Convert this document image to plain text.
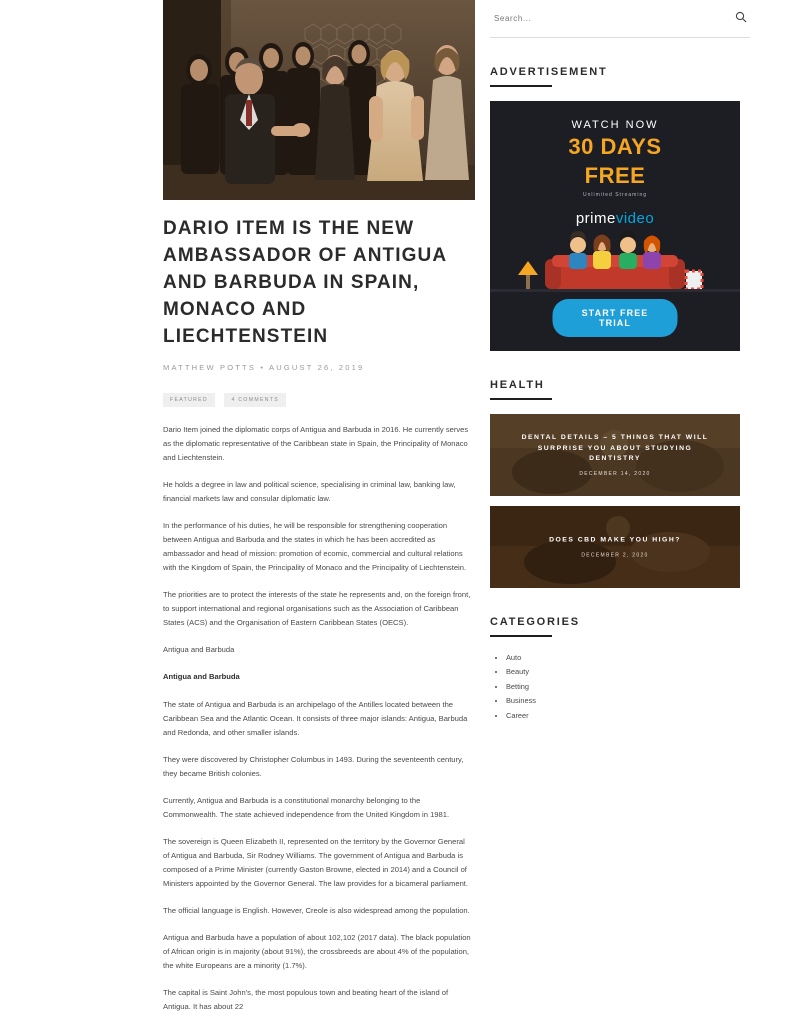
DARIO ITEM IS THE NEW AMBASSADOR OF ANTIGUA AND BARBUDA IN SPAIN, MONACO AND LIECHTENSTEIN
MATTHEW POTTS • AUGUST 26, 2019
FEATURED	4 COMMENTS

Dario Item joined the diplomatic corps of Antigua and Barbuda in 2016. He currently serves as the diplomatic representative of the Caribbean state in Spain, the Principality of Monaco and Liechtenstein.

He holds a degree in law and political science, specialising in criminal law, banking law, financial markets law and consular diplomatic law.

In the performance of his duties, he will be responsible for strengthening cooperation between Antigua and Barbuda and the states in which he has been accredited as ambassador and head of mission: promotion of ecomic, commercial and cultural relations with the Kingdom of Spain, the Principality of Monaco and the Principality of Liechtenstein.

The priorities are to protect the interests of the state he represents and, on the foreign front, to support international and regional organisations such as the Association of Caribbean States (ACS) and the Organisation of Eastern Caribbean States (OECS).

Antigua and Barbuda

Antigua and Barbuda

The state of Antigua and Barbuda is an archipelago of the Antilles located between the Caribbean Sea and the Atlantic Ocean. It consists of three major islands: Antigua, Barbuda and Redonda, and other smaller islands.

They were discovered by Christopher Columbus in 1493. During the seventeenth century, they became British colonies.

Currently, Antigua and Barbuda is a constitutional monarchy belonging to the Commonwealth. The state achieved independence from the United Kingdom in 1981.

The sovereign is Queen Elizabeth II, represented on the territory by the Governor General of Antigua and Barbuda, Sir Rodney Williams. The government of Antigua and Barbuda is composed of a Prime Minister (currently Gaston Browne, elected in 2014) and a Council of Ministers appointed by the Governor General. The law provides for a bicameral parliament.

The official language is English. However, Creole is also widespread among the population.

Antigua and Barbuda have a population of about 102,102 (2017 data). The black population of African origin is in majority (about 91%), the crossbreeds are about 4% of the population, the white Europeans are a minority (1.7%).

The capital is Saint John's, the most populous town and beating heart of the island of Antigua. It has about 22

Search...
ADVERTISEMENT
WATCH NOW
30 DAYS
FREE
Unlimited Streaming
primevideo
START FREE TRIAL
HEALTH
DENTAL DETAILS – 5 THINGS THAT WILL SURPRISE YOU ABOUT STUDYING DENTISTRY
DECEMBER 14, 2020
DOES CBD MAKE YOU HIGH?
DECEMBER 2, 2020
CATEGORIES
• Auto
• Beauty
• Betting
• Business
• Career
